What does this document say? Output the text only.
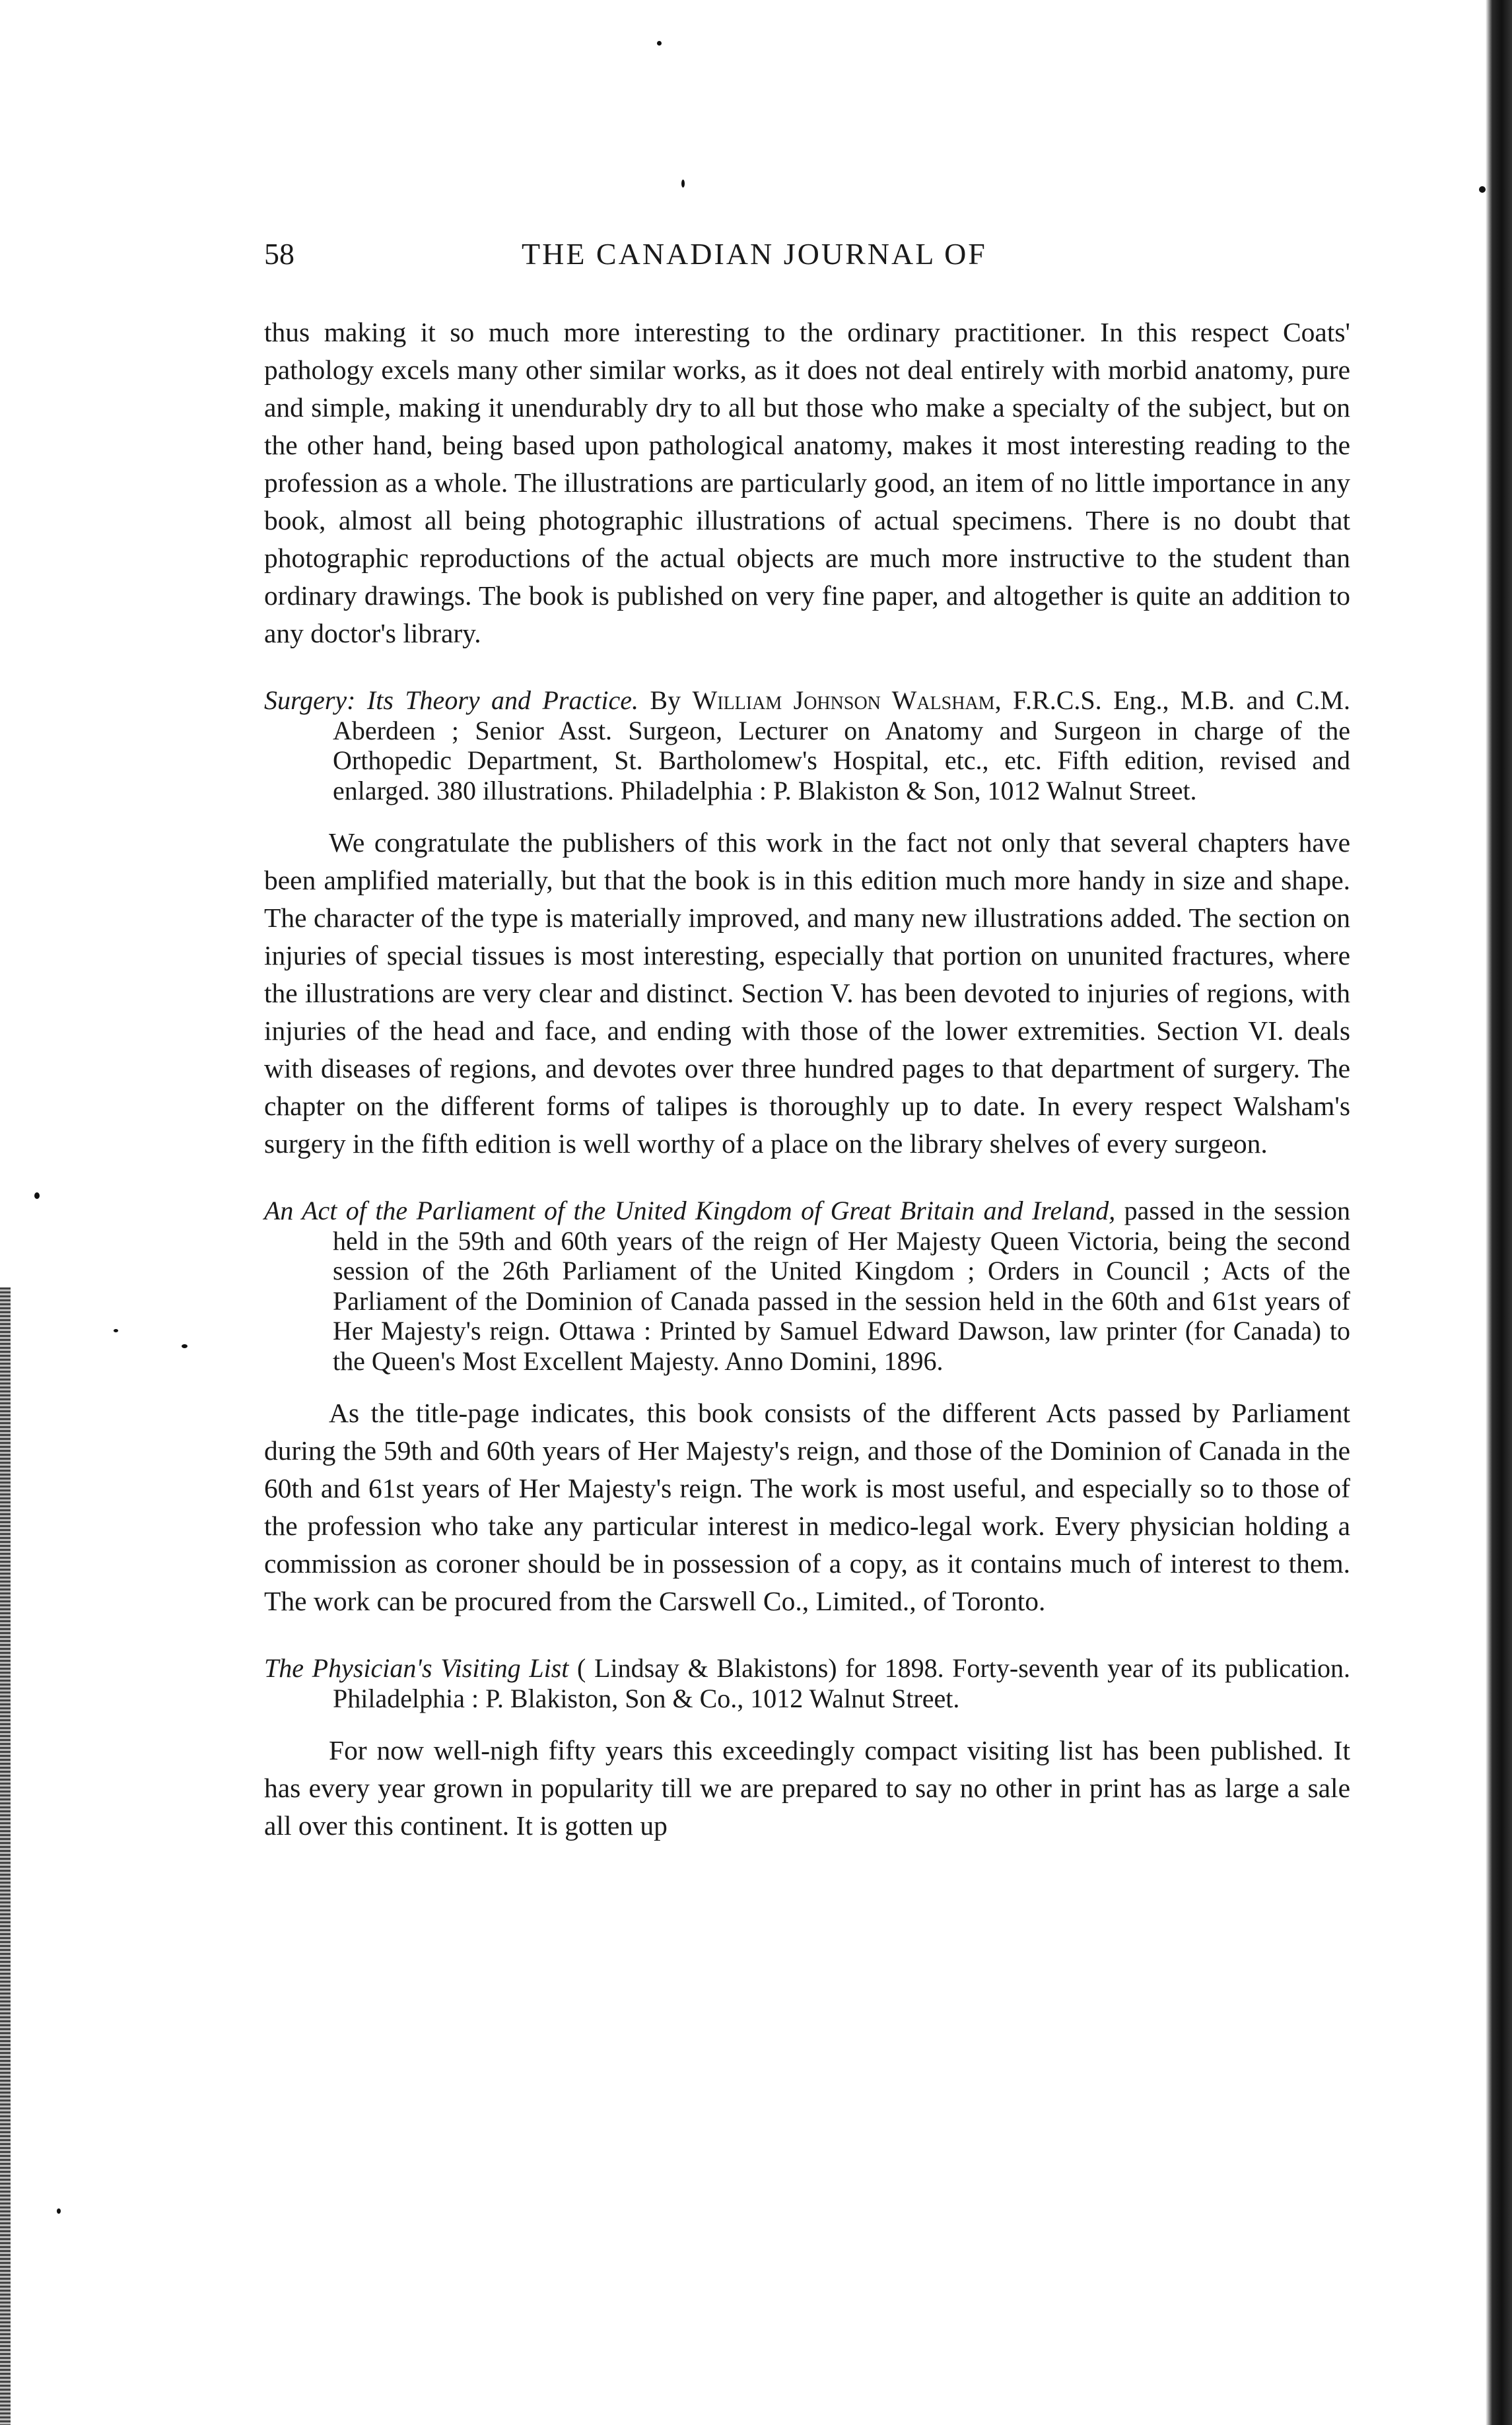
58	THE CANADIAN JOURNAL OF

thus making it so much more interesting to the ordinary practitioner. In this respect Coats' pathology excels many other similar works, as it does not deal entirely with morbid anatomy, pure and simple, making it unendurably dry to all but those who make a specialty of the subject, but on the other hand, being based upon pathological anatomy, makes it most interesting reading to the profession as a whole. The illustrations are particularly good, an item of no little importance in any book, almost all being photographic illustrations of actual specimens. There is no doubt that photographic reproductions of the actual objects are much more instructive to the student than ordinary drawings. The book is published on very fine paper, and altogether is quite an addition to any doctor's library.

Surgery: Its Theory and Practice. By William Johnson Walsham, F.R.C.S. Eng., M.B. and C.M. Aberdeen ; Senior Asst. Surgeon, Lecturer on Anatomy and Surgeon in charge of the Orthopedic Department, St. Bartholomew's Hospital, etc., etc. Fifth edition, revised and enlarged. 380 illustrations. Philadelphia : P. Blakiston & Son, 1012 Walnut Street.

We congratulate the publishers of this work in the fact not only that several chapters have been amplified materially, but that the book is in this edition much more handy in size and shape. The character of the type is materially improved, and many new illustrations added. The section on injuries of special tissues is most interesting, especially that portion on ununited fractures, where the illustrations are very clear and distinct. Section V. has been devoted to injuries of regions, with injuries of the head and face, and ending with those of the lower extremities. Section VI. deals with diseases of regions, and devotes over three hundred pages to that department of surgery. The chapter on the different forms of talipes is thoroughly up to date. In every respect Walsham's surgery in the fifth edition is well worthy of a place on the library shelves of every surgeon.

An Act of the Parliament of the United Kingdom of Great Britain and Ireland, passed in the session held in the 59th and 60th years of the reign of Her Majesty Queen Victoria, being the second session of the 26th Parliament of the United Kingdom ; Orders in Council ; Acts of the Parliament of the Dominion of Canada passed in the session held in the 60th and 61st years of Her Majesty's reign. Ottawa : Printed by Samuel Edward Dawson, law printer (for Canada) to the Queen's Most Excellent Majesty. Anno Domini, 1896.

As the title-page indicates, this book consists of the different Acts passed by Parliament during the 59th and 60th years of Her Majesty's reign, and those of the Dominion of Canada in the 60th and 61st years of Her Majesty's reign. The work is most useful, and especially so to those of the profession who take any particular interest in medico-legal work. Every physician holding a commission as coroner should be in possession of a copy, as it contains much of interest to them. The work can be procured from the Carswell Co., Limited., of Toronto.

The Physician's Visiting List ( Lindsay & Blakistons) for 1898. Forty-seventh year of its publication. Philadelphia : P. Blakiston, Son & Co., 1012 Walnut Street.

For now well-nigh fifty years this exceedingly compact visiting list has been published. It has every year grown in popularity till we are prepared to say no other in print has as large a sale all over this continent. It is gotten up
